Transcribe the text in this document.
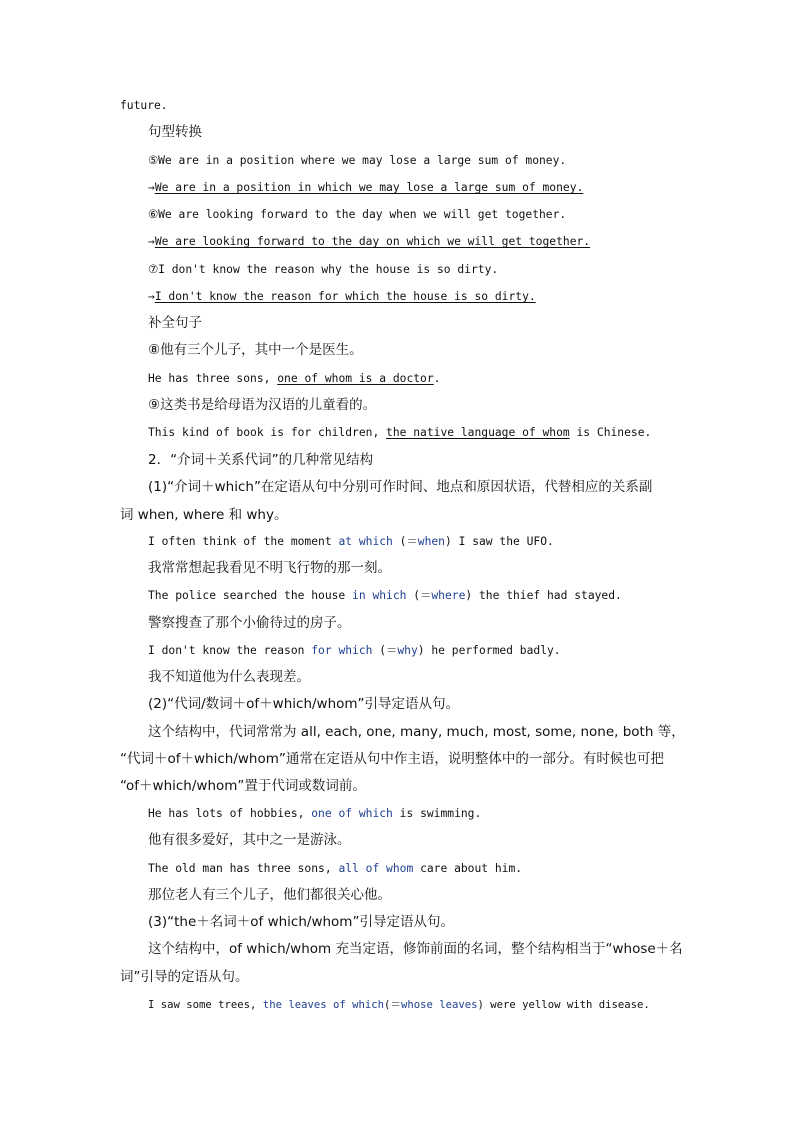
future.
句型转换
⑤We are in a position where we may lose a large sum of money.
→We are in a position in which we may lose a large sum of money.
⑥We are looking forward to the day when we will get together.
→We are looking forward to the day on which we will get together.
⑦I don't know the reason why the house is so dirty.
→I don't know the reason for which the house is so dirty.
补全句子
⑧他有三个儿子，其中一个是医生。
He has three sons, one of whom is a doctor.
⑨这类书是给母语为汉语的儿童看的。
This kind of book is for children, the native language of whom is Chinese.
2．“介词＋关系代词”的几种常见结构
(1)“介词＋which”在定语从句中分别可作时间、地点和原因状语，代替相应的关系副
词 when, where 和 why。
I often think of the moment at which (＝when) I saw the UFO.
我常常想起我看见不明飞行物的那一刻。
The police searched the house in which (＝where) the thief had stayed.
警察搜查了那个小偷待过的房子。
I don't know the reason for which (＝why) he performed badly.
我不知道他为什么表现差。
(2)“代词/数词＋of＋which/whom”引导定语从句。
这个结构中，代词常常为 all, each, one, many, much, most, some, none, both 等，
“代词＋of＋which/whom”通常在定语从句中作主语，说明整体中的一部分。有时候也可把
“of＋which/whom”置于代词或数词前。
He has lots of hobbies, one of which is swimming.
他有很多爱好，其中之一是游泳。
The old man has three sons, all of whom care about him.
那位老人有三个儿子，他们都很关心他。
(3)“the＋名词＋of which/whom”引导定语从句。
这个结构中，of which/whom 充当定语，修饰前面的名词，整个结构相当于“whose＋名
词”引导的定语从句。
I saw some trees, the leaves of which(＝whose leaves) were yellow with disease.
